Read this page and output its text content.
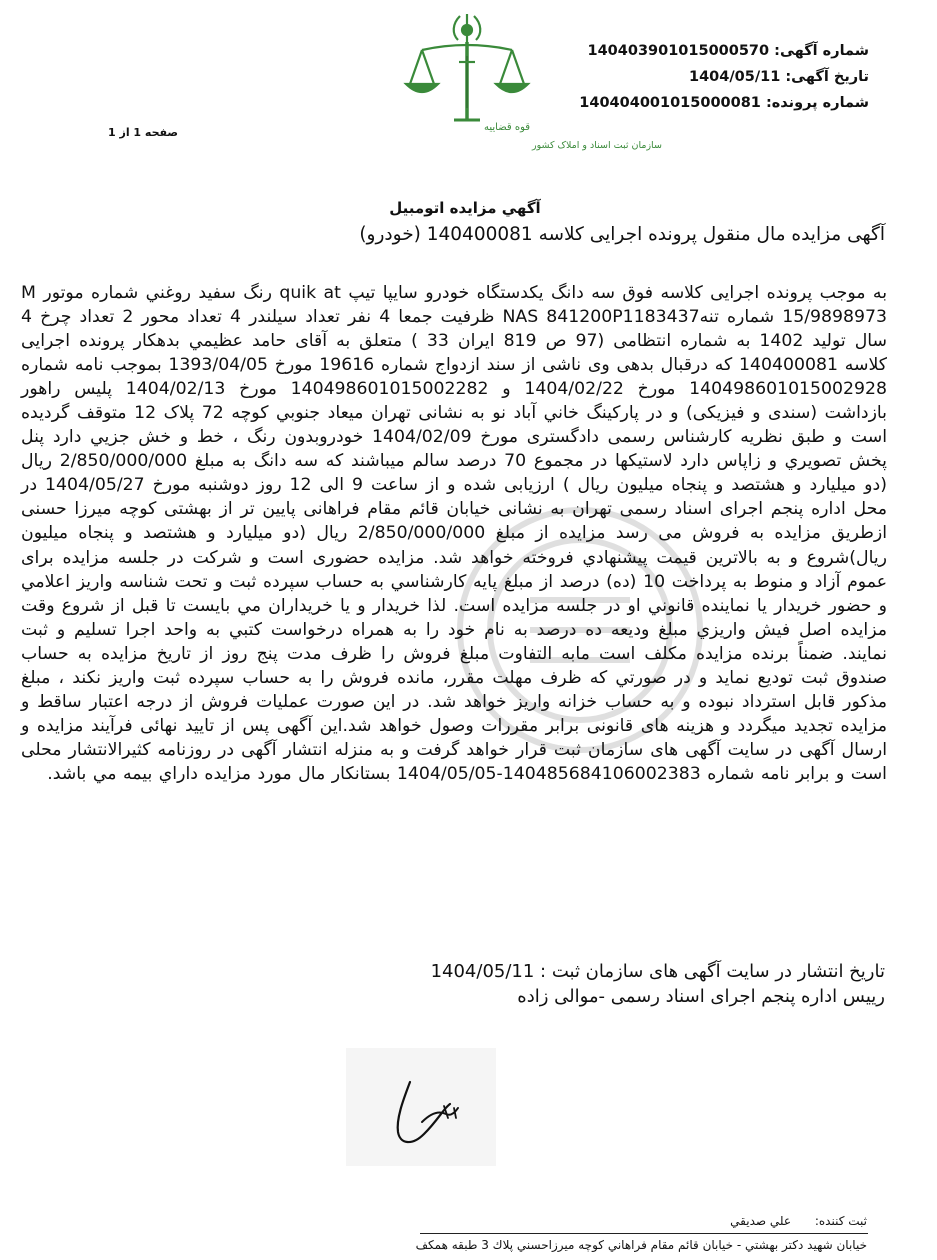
قوه قضاییه
سازمان ثبت اسناد و املاک کشور
شماره آگهی: 140403901015000570
تاریخ آگهی: 1404/05/11
شماره پرونده: 140404001015000081
صفحه 1 از 1
آگهي مزايده اتومبيل
آگهی مزایده مال منقول پرونده اجرایی کلاسه 140400081 (خودرو)

به موجب پرونده اجرایی کلاسه فوق سه دانگ یکدستگاه خودرو سایپا تیپ quik at رنگ سفيد روغني شماره موتور M 15/9898973 شماره تنهNAS 841200P1183437 ظرفیت جمعا 4 نفر تعداد سیلندر 4 تعداد محور 2 تعداد چرخ 4 سال تولید 1402 به شماره انتظامی (97 ص 819 ایران 33 ) متعلق به آقای حامد عظيمي بدهکار پرونده اجرایی کلاسه 140400081 که درقبال بدهی وی ناشی از سند ازدواج شماره 19616 مورخ 1393/04/05 بموجب نامه شماره 140498601015002928 مورخ 1404/02/22 و 140498601015002282 مورخ 1404/02/13 پلیس راهور بازداشت (سندی و فیزیکی) و در پارکینگ خاني آباد نو به نشانی تهران میعاد جنوبي کوچه 72 پلاک 12 متوقف گرديده است و طبق نظريه كارشناس رسمی دادگستری مورخ 1404/02/09 خودروبدون رنگ ، خط و خش جزيي دارد پنل پخش تصويري و زاپاس دارد لاستیکها در مجموع 70 درصد سالم میباشند که سه دانگ به مبلغ 2/850/000/000 ريال (دو میلیارد و هشتصد و پنجاه میلیون ريال ) ارزیابی شده و از ساعت 9 الی 12 روز دوشنبه مورخ 1404/05/27 در محل اداره پنجم اجرای اسناد رسمی تهران به نشانی خیابان قائم مقام فراهانی پایین تر از بهشتی کوچه میرزا حسنی ازطریق مزایده به فروش می رسد مزایده از مبلغ 2/850/000/000 ريال (دو میلیارد و هشتصد و پنجاه میلیون ريال)شروع و به بالاترين قیمت پیشنهادي فروخته خواهد شد. مزایده حضوری است و شرکت در جلسه مزایده برای عموم آزاد و منوط به پرداخت 10 (ده) درصد از مبلغ پايه كارشناسي به حساب سپرده ثبت و تحت شناسه واريز اعلامي و حضور خريدار يا نماينده قانوني او در جلسه مزايده است. لذا خريدار و يا خريداران مي بايست تا قبل از شروع وقت مزايده اصل فيش واريزي مبلغ وديعه ده درصد به نام خود را به همراه درخواست كتبي به واحد اجرا تسليم و ثبت نمايند. ضمناً برنده مزايده مكلف است مابه التفاوت مبلغ فروش را ظرف مدت پنج روز از تاريخ مزايده به حساب صندوق ثبت توديع نمايد و در صورتي كه ظرف مهلت مقرر، مانده فروش را به حساب سپرده ثبت واريز نكند ، مبلغ مذكور قابل استرداد نبوده و به حساب خزانه واريز خواهد شد. در این صورت عملیات فروش از درجه اعتبار ساقط و مزایده تجدید میگردد و هزینه های قانونی برابر مقررات وصول خواهد شد.این آگهی پس از تایید نهائی فرآیند مزایده و ارسال آگهی در سایت آگهی های سازمان ثبت قرار خواهد گرفت و به منزله انتشار آگهی در روزنامه کثیرالانتشار محلی است و برابر نامه شماره 140485684106002383-1404/05/05 بستانكار مال مورد مزايده داراي بيمه مي باشد.

تاریخ انتشار در سایت آگهی های سازمان ثبت : 1404/05/11
رييس اداره پنجم اجرای اسناد رسمی -موالی زاده
ثبت كننده: علي صديقي
خيابان شهيد دكتر بهشتي - خيابان قائم مقام فراهاني كوچه ميرزاحسني پلاك 3 طبقه همكف
